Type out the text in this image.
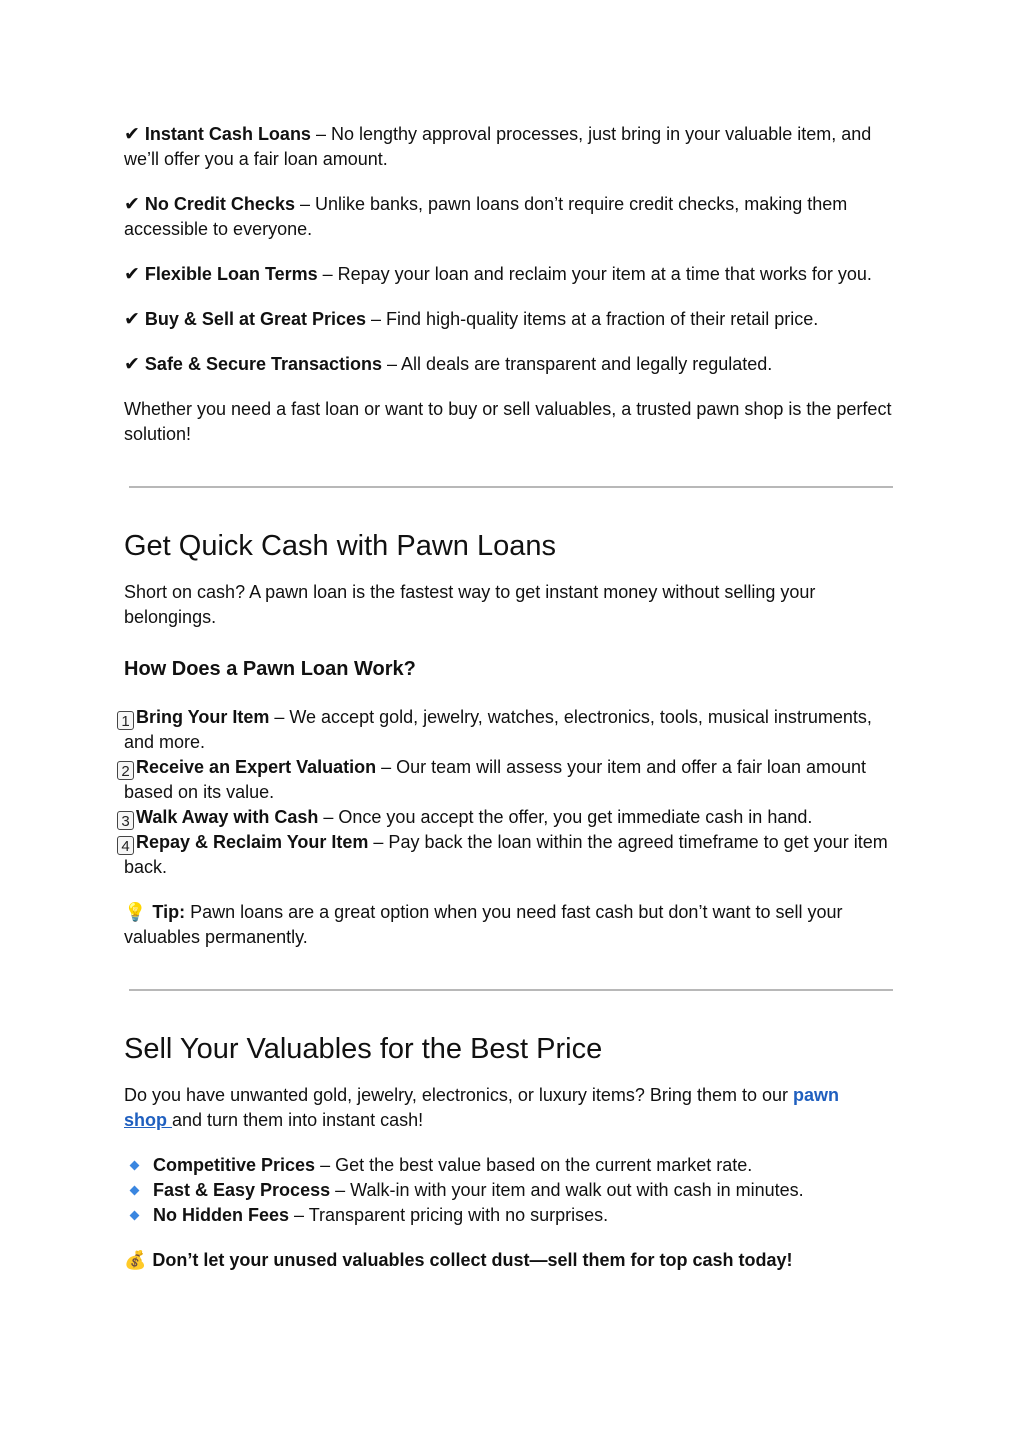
✔ Instant Cash Loans – No lengthy approval processes, just bring in your valuable item, and we’ll offer you a fair loan amount.

✔ No Credit Checks – Unlike banks, pawn loans don’t require credit checks, making them accessible to everyone.

✔ Flexible Loan Terms – Repay your loan and reclaim your item at a time that works for you.

✔ Buy & Sell at Great Prices – Find high-quality items at a fraction of their retail price.

✔ Safe & Secure Transactions – All deals are transparent and legally regulated.

Whether you need a fast loan or want to buy or sell valuables, a trusted pawn shop is the perfect solution!

Get Quick Cash with Pawn Loans

Short on cash? A pawn loan is the fastest way to get instant money without selling your belongings.

How Does a Pawn Loan Work?

1 Bring Your Item – We accept gold, jewelry, watches, electronics, tools, musical instruments, and more.

2 Receive an Expert Valuation – Our team will assess your item and offer a fair loan amount based on its value.

3 Walk Away with Cash – Once you accept the offer, you get immediate cash in hand.

4 Repay & Reclaim Your Item – Pay back the loan within the agreed timeframe to get your item back.

💡 Tip: Pawn loans are a great option when you need fast cash but don’t want to sell your valuables permanently.

Sell Your Valuables for the Best Price

Do you have unwanted gold, jewelry, electronics, or luxury items? Bring them to our pawn
shop and turn them into instant cash!

Competitive Prices – Get the best value based on the current market rate.
Fast & Easy Process – Walk-in with your item and walk out with cash in minutes.
No Hidden Fees – Transparent pricing with no surprises.

💰 Don’t let your unused valuables collect dust—sell them for top cash today!
